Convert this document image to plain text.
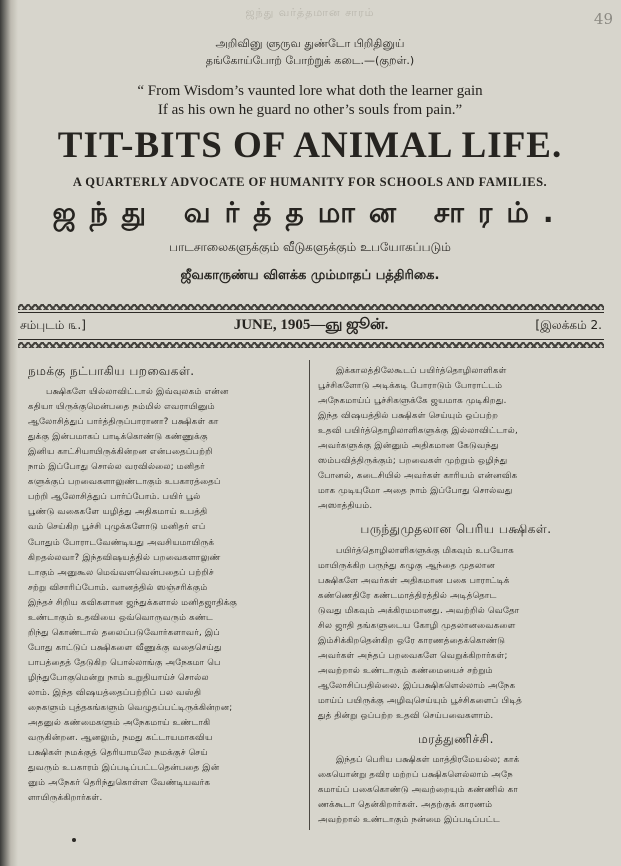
ஜந்து வர்த்தமான சாரம்	49
அறிவினு ளுருவ துண்டோ பிறிதினுய்
தங்கோய்போற் போற்றுக் கடை.—(குறள்.)
“ From Wisdom’s vaunted lore what doth the learner gain
If as his own he guard no other’s souls from pain.”
TIT-BITS OF ANIMAL LIFE.
A QUARTERLY ADVOCATE OF HUMANITY FOR SCHOOLS AND FAMILIES.
ஜந்து வர்த்தமான சாரம்.
பாடசாலைகளுக்கும் வீடுகளுக்கும் உபயோகப்படும்
ஜீவகாருண்ய விளக்க மும்மாதப் பத்திரிகை.
சம்புடம் ௩.]	JUNE, 1905—ஞு ஜூன்.	[இலக்கம் 2.
நமக்கு நட்பாகிய பறவைகள்.
பக்ஷிகளே யில்லாவிட்டால் இவ்வுலகம் என்ன
கதியா யிருக்குமென்பதை நம்மில் எவராயினும்
ஆலோசித்துப் பார்த்திருப்பாரானா? பக்ஷிகள் கா
துக்கு இன்பமாகப் பாடிக்கொண்டு கண்ணுக்கு
இனிய காட்சியாயிருக்கின்றன என்பதைப்பற்றி
நாம் இப்போது சொல்ல வரவில்லை; மனிதர்
களுக்குப் பறவைகளாலுண்டாகும் உபகாரத்தைப்
பற்றி ஆலோசித்துப் பார்ப்போம். பயிர் பூல்
பூண்டு வகைகளே யழித்து அதிகமாய் உபத்தி
வம் செய்கிற பூச்சி புழுக்களோடு மனிதர் எப்
போதும் போராடவேண்டியது அவசியமாயிருக்
கிறதல்லவா? இந்தவிஷயத்தில் பறவைகளாலுண்
டாகும் அனுகூல மெவ்வளவென்பதைப் பற்றிச்
சற்று விசாரிப்போம். வானத்தில் ஸஞ்சரிக்கும்
இந்தச் சிறிய கவிகளான ஜந்துக்களால் மனிதஜாதிக்கு
உண்டாகும் உதவியை ஒவ்வொருவரும் கண்ட
றிந்து கொண்டால் தலைப்படுவோர்களாவர், இப்
போது காட்டுப் பக்ஷிகளை வீணுக்கு வதைசெய்து
பாபத்தைத் தேடுகிற பொல்லாங்கு அநேகமா பெ
ழிந்துபோகுமென்று நாம் உறுதியாய்ச் சொல்ல
லாம். இந்த விஷயத்தைப்பற்றிப் பல வஸ்தி
நைகளும் புத்தகங்களும் வெழுதப்பட்டிருக்கின்றன;
அதனுல் கண்மைகளும் அநேகமாய் உண்டாகி
வருகின்றன. ஆனலும், நமது கட்டாயமாகவிய
பக்ஷிகள் நமக்குத் தெரியாமலே நமக்குச் செய்
துவரும் உபகாரம் இப்படிப்பட்டதென்பதை இன்
னும் அநேகர் தெரிந்துகொள்ள வேண்டியவர்க
ளாயிருக்கிறார்கள்.
இக்காலத்திலேகூடப் பயிர்த்தொழிலாளிகள்
பூச்சிகளோடு அடிக்கடி போராடும் போராட்டம்
அநேகமாய்ப் பூச்சிகளுக்கே ஜயமாக முடிகிறது.
இந்த விஷயத்தில் பக்ஷிகள் செய்யும் ஒப்பற்ற
உதவி பயிர்த்தொழிலாளிகளுக்கு இல்லாவிட்டால்,
அவர்களுக்கு இன்னும் அதிகமான கேடுவந்து
ஸம்பவித்திருக்கும்; பறவைகள் முற்றும் ஒழிந்து
போனல், கடைசியில் அவர்கள் காரியம் என்னவிக
மாக முடியுமோ அதை நாம் இப்போது சொல்வது
அஸாத்தியம்.
பருந்துமுதலான பெரிய பக்ஷிகள்.
பயிர்த்தொழிலாளிகளுக்கு மிகவும் உபயோக
மாயிருக்கிற பருந்து கழுகு ஆந்தை முதலான
பக்ஷிகளே அவர்கள் அதிகமான பகை பாராட்டிக்
கண்ணெதிரே கண்டமாத்திரத்தில் அடித்தொட
டுவது மிகவும் அக்கிரமமானது. அவற்றில் வெதோ
சில ஜாதி தங்களுடைய கோழி முதலானவைகளை
இம்சிக்கிறதென்கிற ஒரே காரணத்தைக்கொண்டு
அவர்கள் அந்தப் பறவைகளே வெறுக்கிறார்கள்;
அவற்றால் உண்டாகும் கண்மையைச் சற்றும்
ஆலோசிப்பதில்லை. இப்பக்ஷிகளெல்லாம் அநேக
மாய்ப் பயிருக்கு அழிவுசெய்யும் பூச்சிகளைப் பிடித்
துத் தின்று ஒப்பற்ற உதவி செய்பவைகளாம்.
மரத்துணிச்சி.
இந்தப் பெரிய பக்ஷிகள் மாத்திரமேயல்ல; காக்
கையொன்று தவிர மற்றப் பக்ஷிகளெல்லாம் அநே
கமாய்ப் பகைகொண்டு அவற்றையும் கண்ணில் கா
ணக்கூடா தென்கிறார்கள். அதற்குக் காரணம்
அவற்றால் உண்டாகும் நன்மை இப்படிப்பட்ட
